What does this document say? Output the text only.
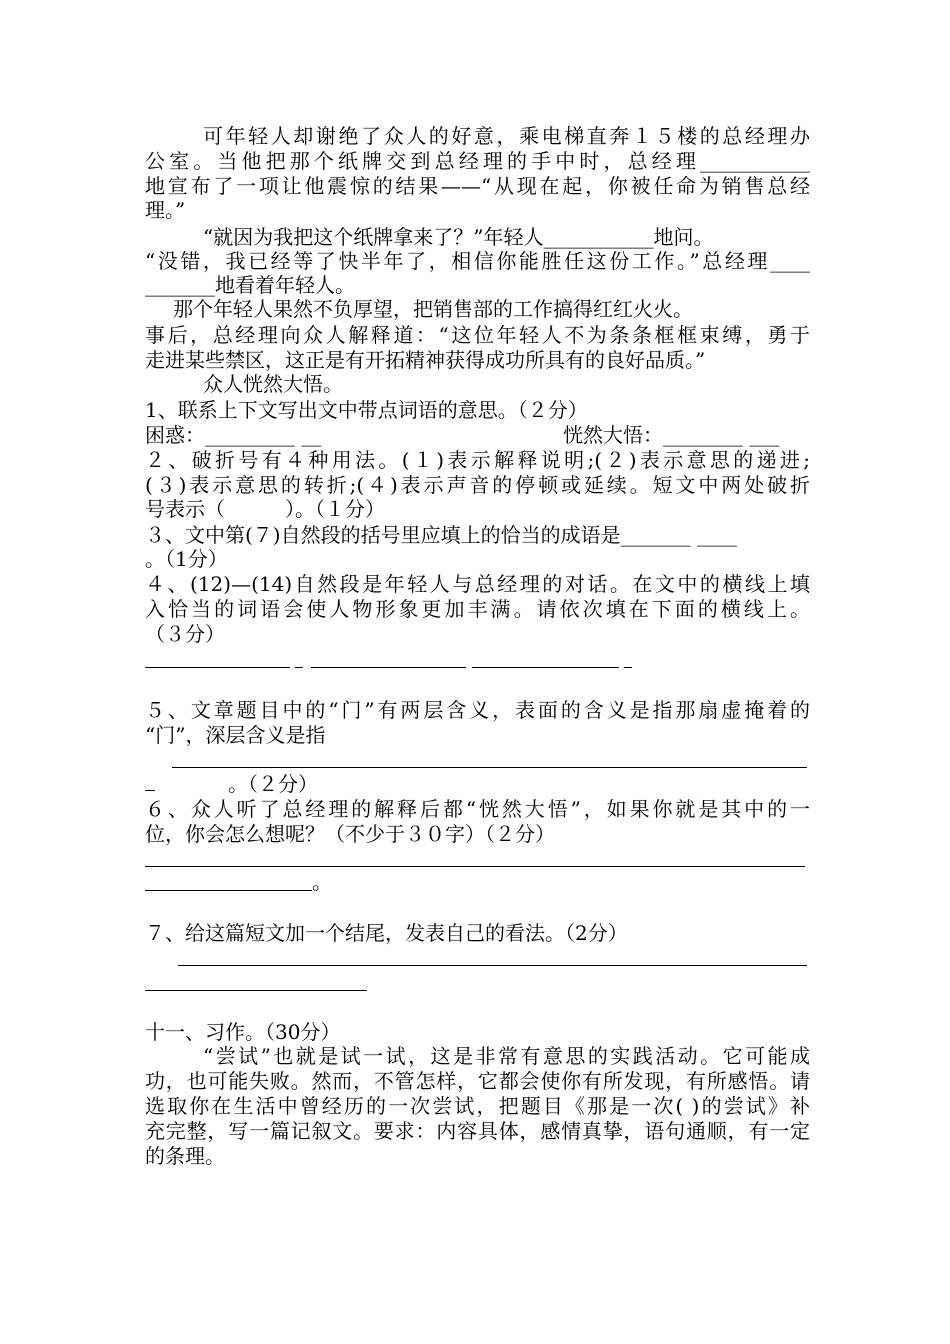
可年轻人却谢绝了众人的好意，乘电梯直奔１５楼的总经理办
公室。当他把那个纸牌交到总经理的手中时，总经理___________
地宣布了一项让他震惊的结果——“从现在起，你被任命为销售总经
理。”
“就因为我把这个纸牌拿来了？”年轻人___________地问。
“没错，我已经等了快半年了，相信你能胜任这份工作。”总经理____
_______地看着年轻人。
那个年轻人果然不负厚望，把销售部的工作搞得红红火火。
事后，总经理向众人解释道：“这位年轻人不为条条框框束缚，勇于
走进某些禁区，这正是有开拓精神获得成功所具有的良好品质。”
众人恍然大悟。
1、联系上下文写出文中带点词语的意思。（２分）
困惑：_________ __	恍然大悟：________ ___
２、破折号有４种用法。(１)表示解释说明;(２)表示意思的递进;
(３)表示意思的转折;(４)表示声音的停顿或延续。短文中两处破折
号表示（　　　）。（１分）
３、文中第(７)自然段的括号里应填上的恰当的成语是_______ ____
。（1分）
４、(12)—(14)自然段是年轻人与总经理的对话。在文中的横线上填
入恰当的词语会使人物形象更加丰满。请依次填在下面的横线上。
（３分）
５、文章题目中的“门”有两层含义，表面的含义是指那扇虚掩着的
“门”，深层含义是指
。（２分）
６、众人听了总经理的解释后都“恍然大悟”，如果你就是其中的一
位，你会怎么想呢？（不少于３０字）（２分）
。
７、给这篇短文加一个结尾，发表自己的看法。（2分）
十一、习作。（30分）
“尝试”也就是试一试，这是非常有意思的实践活动。它可能成
功，也可能失败。然而，不管怎样，它都会使你有所发现，有所感悟。请
选取你在生活中曾经历的一次尝试，把题目《那是一次( )的尝试》补
充完整，写一篇记叙文。要求：内容具体，感情真挚，语句通顺，有一定
的条理。
